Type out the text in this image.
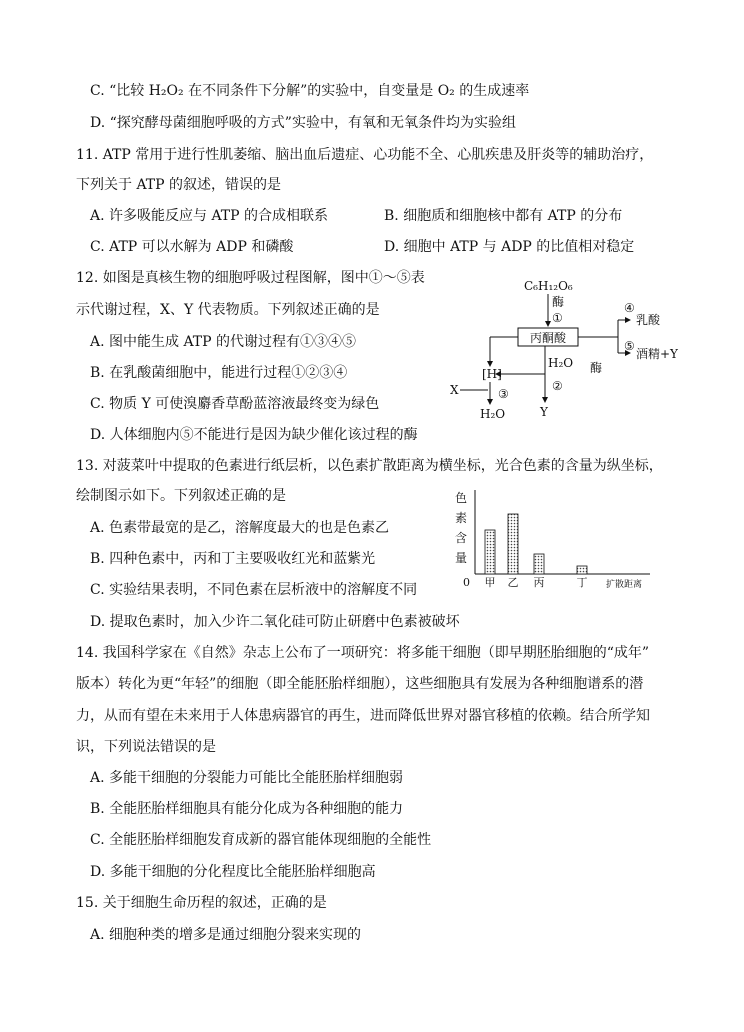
C. “比较 H₂O₂ 在不同条件下分解”的实验中，自变量是 O₂ 的生成速率
D. “探究酵母菌细胞呼吸的方式”实验中，有氧和无氧条件均为实验组
11. ATP 常用于进行性肌萎缩、脑出血后遗症、心功能不全、心肌疾患及肝炎等的辅助治疗，
下列关于 ATP 的叙述，错误的是
A. 许多吸能反应与 ATP 的合成相联系	B. 细胞质和细胞核中都有 ATP 的分布
C. ATP 可以水解为 ADP 和磷酸	D. 细胞中 ATP 与 ADP 的比值相对稳定
12. 如图是真核生物的细胞呼吸过程图解，图中①～⑤表
示代谢过程，X、Y 代表物质。下列叙述正确的是
A. 图中能生成 ATP 的代谢过程有①③④⑤
B. 在乳酸菌细胞中，能进行过程①②③④
C. 物质 Y 可使溴麝香草酚蓝溶液最终变为绿色
D. 人体细胞内⑤不能进行是因为缺少催化该过程的酶
C₆H₁₂O₆
酶
①
丙酮酸
④
乳酸
酶
⑤
酒精+Y
[H]
X	③
H₂O
H₂O
②
Y
13. 对菠菜叶中提取的色素进行纸层析，以色素扩散距离为横坐标，光合色素的含量为纵坐标，
绘制图示如下。下列叙述正确的是
A. 色素带最宽的是乙，溶解度最大的也是色素乙
B. 四种色素中，丙和丁主要吸收红光和蓝紫光
C. 实验结果表明，不同色素在层析液中的溶解度不同
D. 提取色素时，加入少许二氧化硅可防止研磨中色素被破坏
色
素
含
量
0	扩散距离
甲 乙 丙	丁
14. 我国科学家在《自然》杂志上公布了一项研究：将多能干细胞（即早期胚胎细胞的“成年”
版本）转化为更“年轻”的细胞（即全能胚胎样细胞），这些细胞具有发展为各种细胞谱系的潜
力，从而有望在未来用于人体患病器官的再生，进而降低世界对器官移植的依赖。结合所学知
识，下列说法错误的是
A. 多能干细胞的分裂能力可能比全能胚胎样细胞弱
B. 全能胚胎样细胞具有能分化成为各种细胞的能力
C. 全能胚胎样细胞发育成新的器官能体现细胞的全能性
D. 多能干细胞的分化程度比全能胚胎样细胞高
15. 关于细胞生命历程的叙述，正确的是
A. 细胞种类的增多是通过细胞分裂来实现的
